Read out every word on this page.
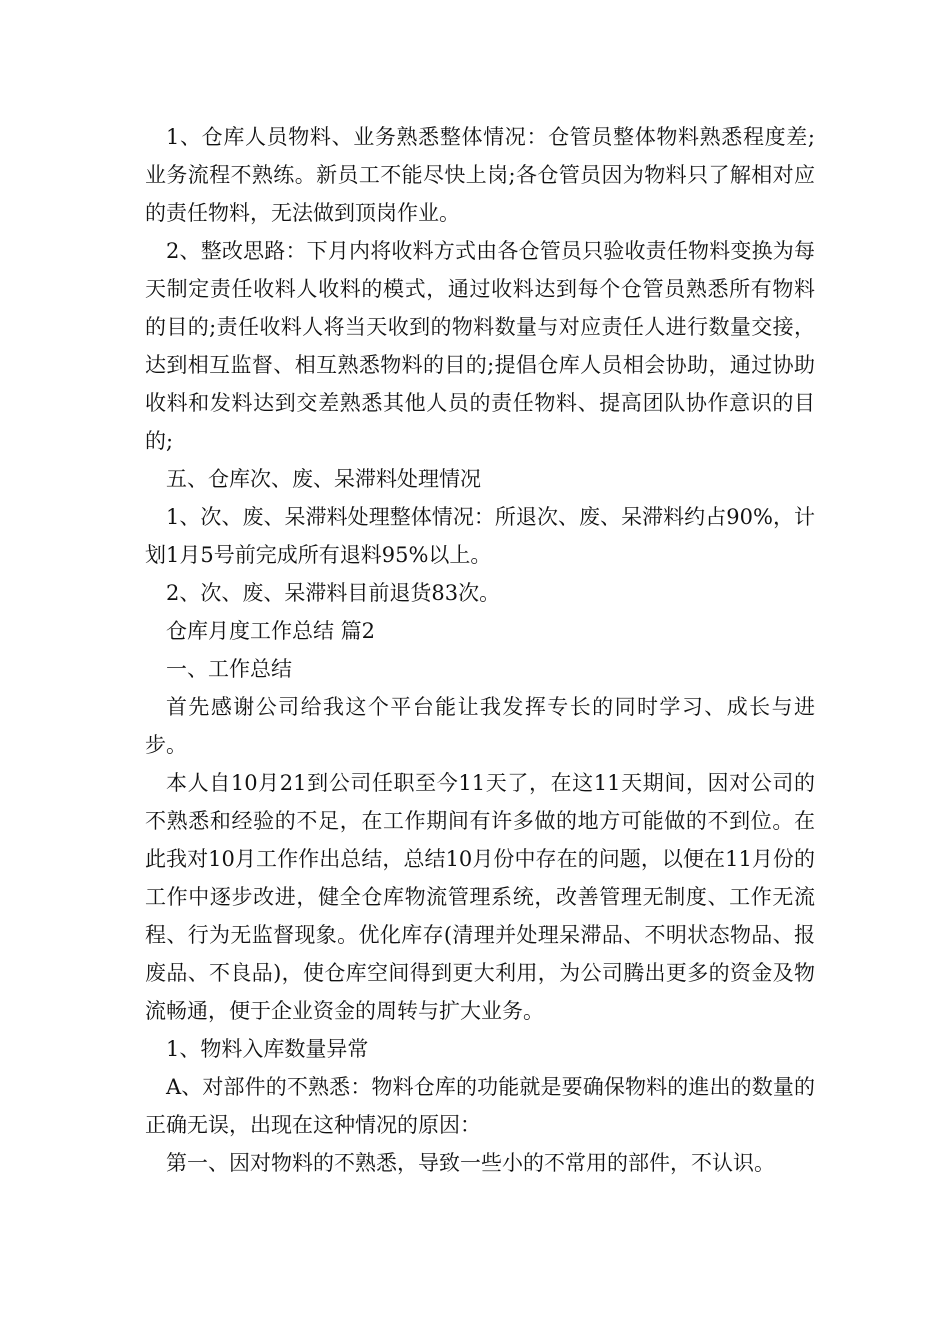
1、仓库人员物料、业务熟悉整体情况：仓管员整体物料熟悉程度差;业务流程不熟练。新员工不能尽快上岗;各仓管员因为物料只了解相对应的责任物料，无法做到顶岗作业。

2、整改思路：下月内将收料方式由各仓管员只验收责任物料变换为每天制定责任收料人收料的模式，通过收料达到每个仓管员熟悉所有物料的目的;责任收料人将当天收到的物料数量与对应责任人进行数量交接，达到相互监督、相互熟悉物料的目的;提倡仓库人员相会协助，通过协助收料和发料达到交差熟悉其他人员的责任物料、提高团队协作意识的目的;

五、仓库次、废、呆滞料处理情况

1、次、废、呆滞料处理整体情况：所退次、废、呆滞料约占90%，计划1月5号前完成所有退料95%以上。

2、次、废、呆滞料目前退货83次。

仓库月度工作总结 篇2

一、工作总结

首先感谢公司给我这个平台能让我发挥专长的同时学习、成长与进步。

本人自10月21到公司任职至今11天了，在这11天期间，因对公司的不熟悉和经验的不足，在工作期间有许多做的地方可能做的不到位。在此我对10月工作作出总结，总结10月份中存在的问题，以便在11月份的工作中逐步改进，健全仓库物流管理系统，改善管理无制度、工作无流程、行为无监督现象。优化库存(清理并处理呆滞品、不明状态物品、报废品、不良品)，使仓库空间得到更大利用，为公司腾出更多的资金及物流畅通，便于企业资金的周转与扩大业务。

1、物料入库数量异常

A、对部件的不熟悉：物料仓库的功能就是要确保物料的進出的数量的正确无误，出现在这种情况的原因：

第一、因对物料的不熟悉，导致一些小的不常用的部件，不认识。
